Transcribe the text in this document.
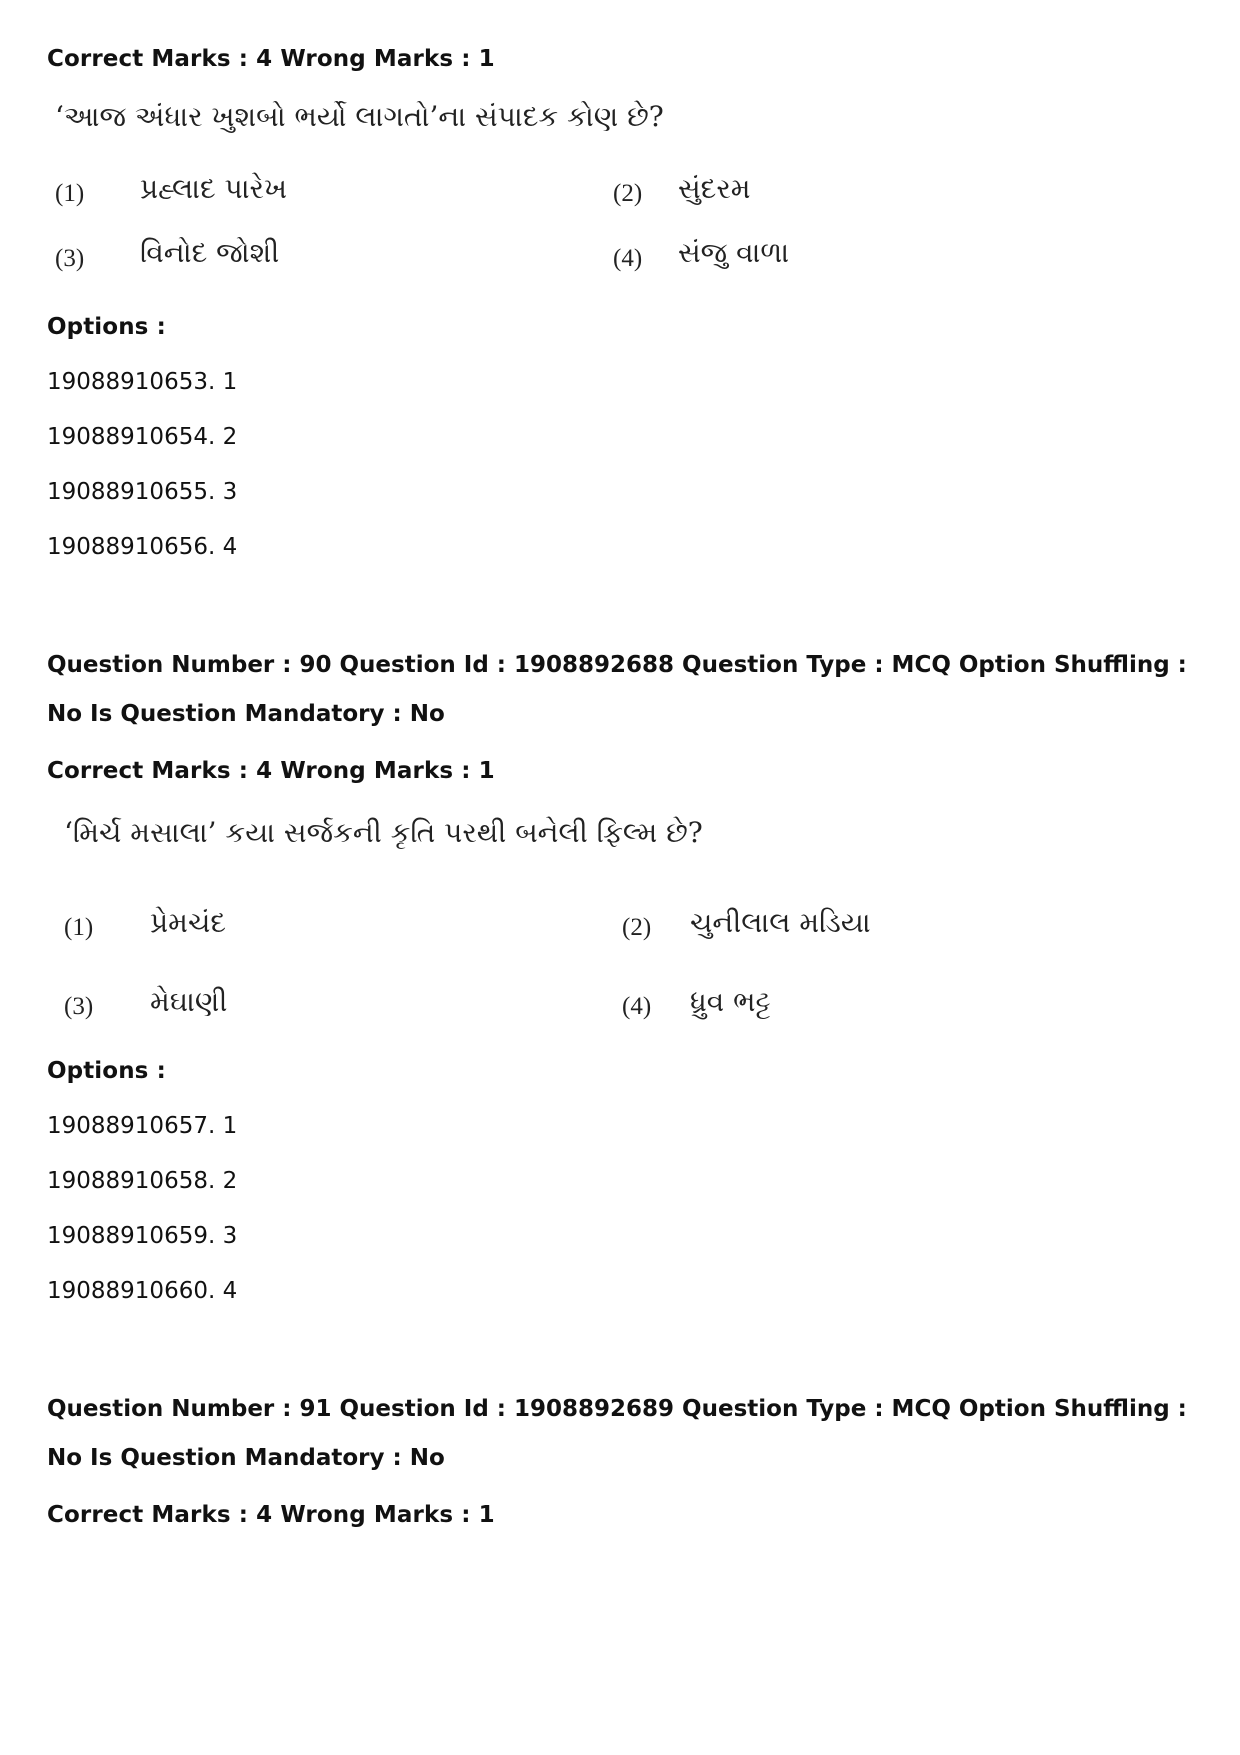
Correct Marks : 4 Wrong Marks : 1
‘આજ અંધાર ખુશબો ભર્યો લાગતો’ના સંપાદક કોણ છે?
(1) પ્રહ્લાદ પારેખ	(2) સુંદરમ
(3) વિનોદ જોશી	(4) સંજુ વાળા
Options :
19088910653. 1
19088910654. 2
19088910655. 3
19088910656. 4
Question Number : 90 Question Id : 1908892688 Question Type : MCQ Option Shuffling : No Is Question Mandatory : No
Correct Marks : 4 Wrong Marks : 1
‘મિર્ચ મસાલા’ કયા સર્જકની કૃતિ પરથી બનેલી ફિલ્મ છે?
(1) પ્રેમચંદ	(2) ચુનીલાલ મડિયા
(3) મેઘાણી	(4) ધ્રુવ ભટ્ટ
Options :
19088910657. 1
19088910658. 2
19088910659. 3
19088910660. 4
Question Number : 91 Question Id : 1908892689 Question Type : MCQ Option Shuffling : No Is Question Mandatory : No
Correct Marks : 4 Wrong Marks : 1
